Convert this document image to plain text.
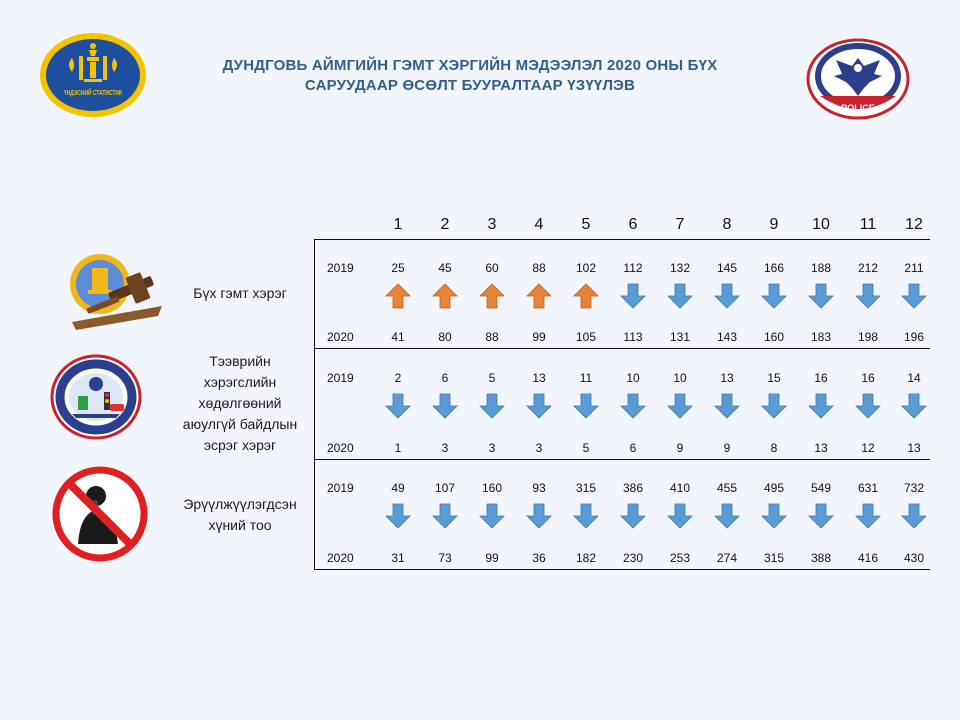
ДУНДГОВЬ АЙМГИЙН ГЭМТ ХЭРГИЙН МЭДЭЭЛЭЛ 2020 ОНЫ БҮХ
САРУУДААР ӨСӨЛТ БУУРАЛТААР ҮЗҮҮЛЭВ
ҮНДЭСНИЙ СТАТИСТИК
POLICE
Бүх гэмт хэрэг
Тээврийн
хэрэгслийн
хөдөлгөөний
аюулгүй байдлын
эсрэг хэрэг
Эрүүлжүүлэгдсэн
хүний тоо
1	2	3	4	5	6	7	8	9	10	11	12
2019
2020
25	45	60	88	102	112	132	145	166	188	212	211
41	80	88	99	105	113	131	143	160	183	198	196
2019
2020
2	6	5	13	11	10	10	13	15	16	16	14
1	3	3	3	5	6	9	9	8	13	12	13
2019
2020
49	107	160	93	315	386	410	455	495	549	631	732
31	73	99	36	182	230	253	274	315	388	416	430
